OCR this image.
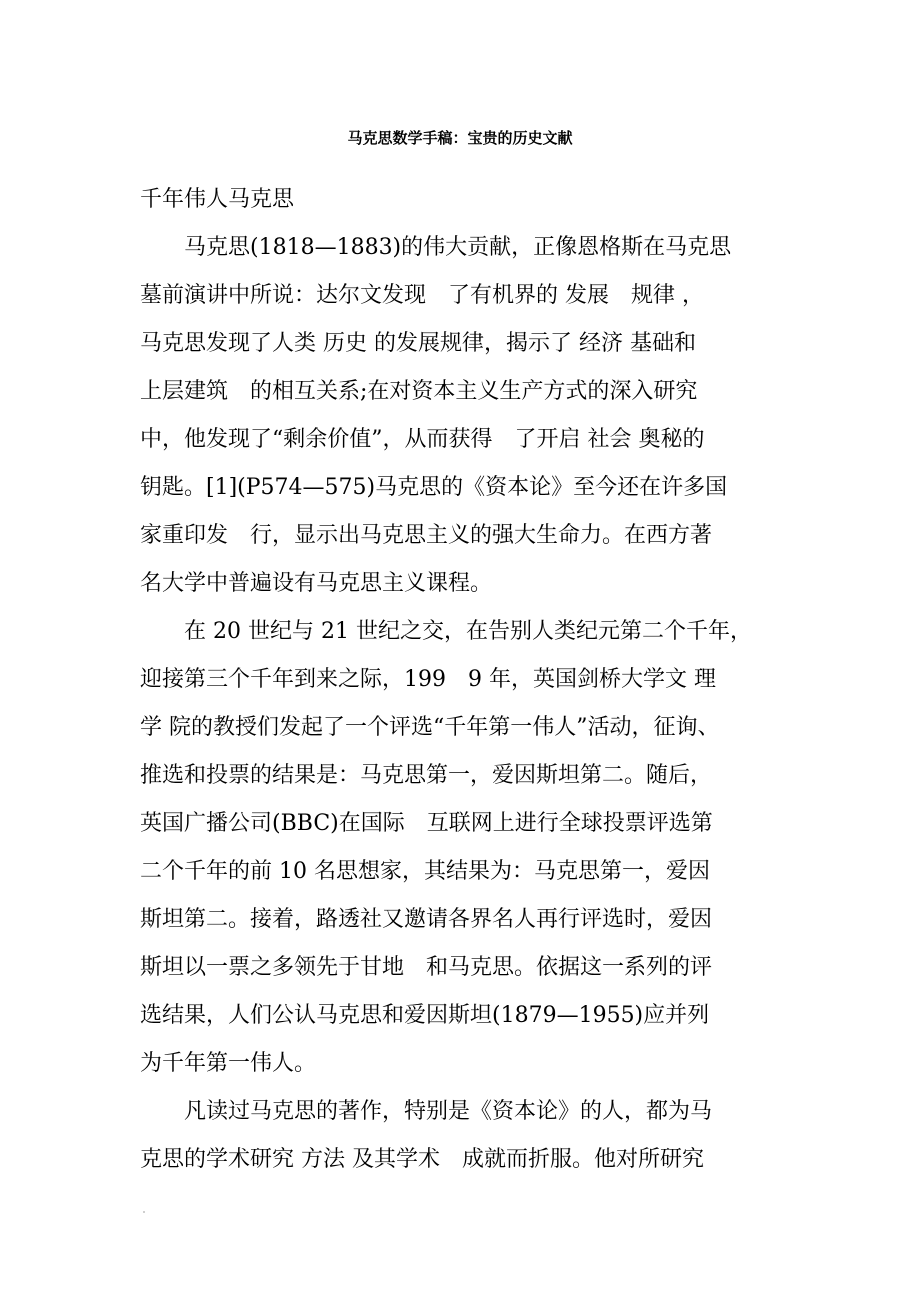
马克思数学手稿：宝贵的历史文献
千年伟人马克思
马克思(1818—1883)的伟大贡献，正像恩格斯在马克思
墓前演讲中所说：达尔文发现　了有机界的 发展　规律 ，
马克思发现了人类 历史 的发展规律，揭示了 经济 基础和
上层建筑　的相互关系;在对资本主义生产方式的深入研究
中，他发现了“剩余价值”，从而获得　了开启 社会 奥秘的
钥匙。[1](P574—575)马克思的《资本论》至今还在许多国
家重印发　行，显示出马克思主义的强大生命力。在西方著
名大学中普遍设有马克思主义课程。
在 20 世纪与 21 世纪之交，在告别人类纪元第二个千年，
迎接第三个千年到来之际，199　9 年，英国剑桥大学文 理
学 院的教授们发起了一个评选“千年第一伟人”活动，征询、
推选和投票的结果是：马克思第一，爱因斯坦第二。随后，
英国广播公司(BBC)在国际　互联网上进行全球投票评选第
二个千年的前 10 名思想家，其结果为：马克思第一，爱因
斯坦第二。接着，路透社又邀请各界名人再行评选时，爱因
斯坦以一票之多领先于甘地　和马克思。依据这一系列的评
选结果，人们公认马克思和爱因斯坦(1879—1955)应并列
为千年第一伟人。
凡读过马克思的著作，特别是《资本论》的人，都为马
克思的学术研究 方法 及其学术　成就而折服。他对所研究
